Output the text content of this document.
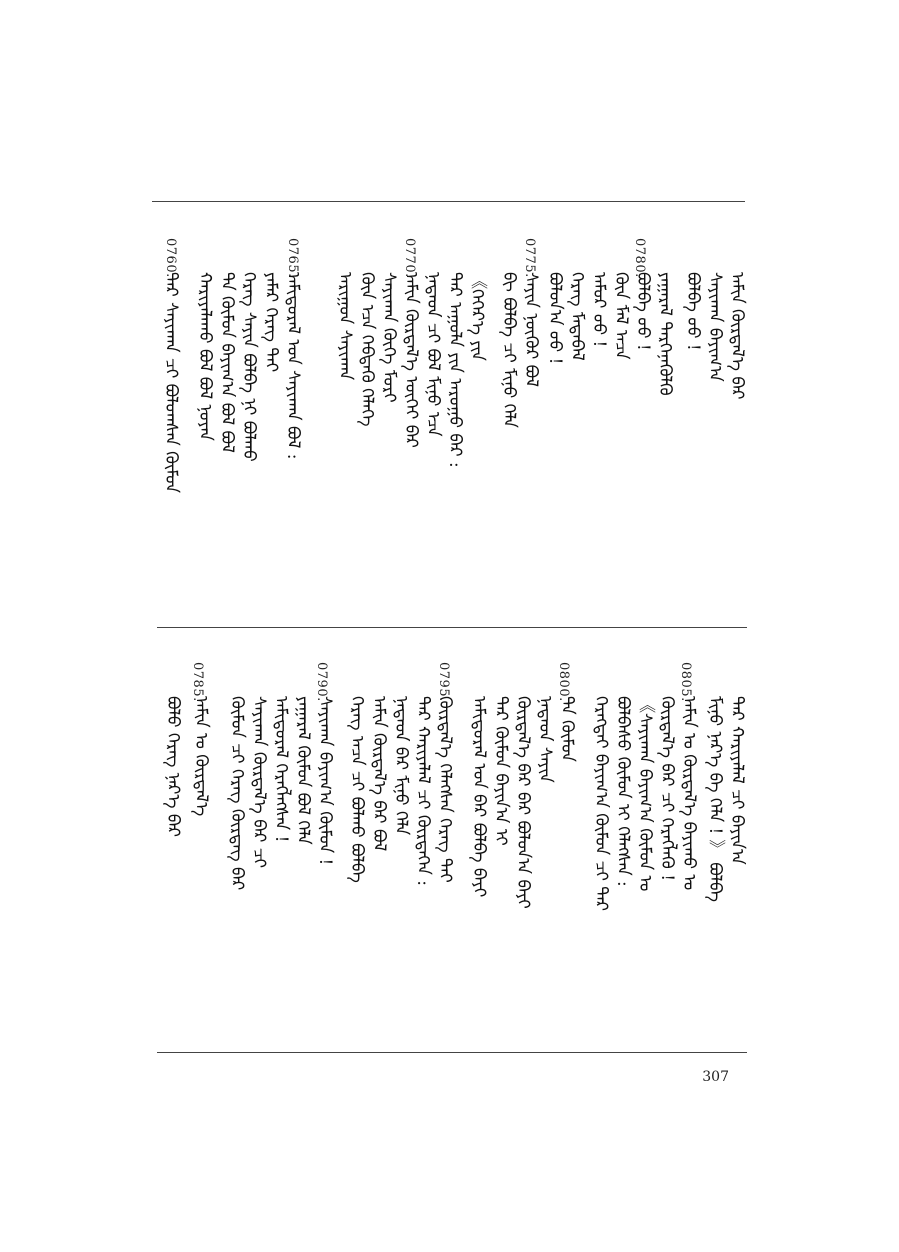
0780.
0775.
0770.
0765.
0760.
ᠠᠮᠢᠨ ᠬᠦᠷᠲᠡᠯ᠎ᠡ ᠪᠡᠷ
ᠰᠠᠶᠢᠬᠠᠨ ᠪᠠᠶᠢᠭ᠎ᠠ
ᠪᠣᠯᠪᠠ ᠤᠤ !
ᠶᠠᠭᠠᠷᠠᠯ ᠲᠡᠷᠭᠡᠨᠡᠭᠦᠯᠬᠦ
ᠪᠣᠯᠪᠠ ᠤᠤ !
ᠬᠦᠨ ᠮᠠᠯ ᠠᠴᠠ
ᠠᠮᠤᠷ ᠤᠤ !
ᠬᠡᠷᠡᠭ ᠮᠡᠳᠡᠪᠡᠯ
ᠪᠣᠯᠤᠨ᠎ᠠ ᠤᠤ !
ᠰᠠᠶᠢᠨ ᠨᠥᠬᠦᠷ ᠪᠣᠯ
ᠪᠢ ᠪᠣᠯᠪᠠ ᠴᠢ ᠮᠢᠨᠦ ᠬᠡᠯᠡ
《ᠬᠡᠭᠡᠷ᠎ᠡ ᠶᠢᠨ
ᠲᠡᠷ ᠠᠭᠤᠯᠠ ᠶᠢᠨ ᠠᠷᠤᠭᠤ ᠪᠠᠷ :
ᠨᠠᠳᠠᠳ ᠴᠢ ᠪᠣᠯ ᠮᠢᠨᠦ ᠡᠴᠡ
ᠠᠮᠢᠨ ᠬᠦᠷᠲᠡᠯ᠎ᠡ ᠦᠭᠡᠢ ᠪᠡᠷ
ᠰᠠᠶᠢᠬᠠᠨ ᠬᠥᠬᠡ ᠮᠣᠷᠢ
ᠬᠦᠨ ᠡᠴᠡ ᠬᠡᠪᠲᠡᠭᠦ ᠬᠡᠯᠡᠭᠡ
ᠠᠷᠢᠭᠤᠨ ᠰᠠᠶᠢᠬᠠᠨ
ᠠᠮᠢᠳᠤᠷᠠᠯ ᠤᠨ ᠰᠠᠶᠢᠬᠠᠨ ᠪᠣᠯ :
ᠶᠠᠮᠠᠷ ᠬᠡᠷᠡᠭ ᠲᠡᠢ
ᠬᠡᠷᠡᠭ ᠰᠠᠶᠢᠨ ᠪᠣᠯᠪᠠ ᠨᠢ ᠪᠣᠯᠬᠤ
ᠲᠠ ᠬᠦᠮᠦᠨ ᠪᠠᠶᠢᠭ᠎ᠠ ᠪᠣᠯ ᠪᠣᠯ
ᠬᠠᠷᠢᠶᠠᠯᠠᠬᠤ ᠪᠣᠯ ᠪᠣᠯ ᠨᠣᠶᠠᠨ
ᠲᠡᠷ ᠰᠠᠶᠢᠬᠠᠨ ᠴᠢ ᠪᠣᠯᠤᠭᠰᠠᠨ ᠬᠦᠮᠦᠨ
0805.
0800.
0795.
0790.
0785.
ᠲᠡᠷ ᠬᠠᠷᠢᠶᠠᠯᠠᠯ ᠴᠢ ᠪᠠᠶᠢᠨ᠎ᠠ
ᠮᠢᠨᠦ ᠨᠡᠷ᠎ᠡ ᠪᠠ ᠬᠡᠯᠡ ! 》 ᠪᠣᠯᠪᠠ
ᠠᠮᠢᠨ ᠤ ᠬᠦᠷᠲᠡᠯ᠎ᠡ ᠪᠠᠶᠢᠬᠤ ᠤ
ᠬᠦᠷᠲᠡᠯ᠎ᠡ ᠪᠡᠷ ᠴᠢ ᠬᠡᠷᠡᠭᠯᠡᠬᠦ !
《ᠰᠠᠶᠢᠬᠠᠨ ᠪᠠᠶᠢᠭ᠎ᠠ ᠬᠦᠮᠦᠨ ᠤ
ᠪᠣᠯᠪᠠᠰᠤ ᠬᠦᠮᠦᠨ ᠢ ᠬᠡᠯᠡᠭᠰᠡᠨ :
ᠬᠡᠷᠡᠭᠲᠡᠢ ᠪᠠᠶᠢᠭ᠎ᠠ ᠬᠦᠮᠦᠨ ᠴᠢ ᠲᠡᠷ
ᠲᠡ ᠬᠦᠮᠦᠨ
ᠨᠠᠳᠠᠳ ᠰᠠᠶᠢᠨ
ᠬᠦᠷᠲᠡᠯ᠎ᠡ ᠪᠠᠷ ᠪᠡᠷ ᠪᠣᠯᠤᠨ᠎ᠠ ᠪᠠᠶᠢ
ᠲᠡᠷ ᠬᠦᠮᠦᠨ ᠪᠠᠶᠢᠨ᠎ᠠ ᠢ
ᠠᠮᠢᠳᠤᠷᠠᠯ ᠤᠨ ᠪᠡᠷ ᠪᠣᠯᠪᠠ ᠪᠠᠶᠢ
ᠬᠦᠷᠲᠡᠯ᠎ᠡ ᠬᠡᠯᠡᠭᠰᠡᠨ ᠬᠡᠷᠡᠭ ᠲᠡᠢ
ᠲᠡᠷ ᠬᠠᠷᠢᠶᠠᠯᠠᠯ ᠴᠢ ᠬᠦᠷᠲᠡᠭᠡᠨ :
ᠨᠠᠳᠠᠳ ᠪᠡᠷ ᠮᠢᠨᠦ ᠬᠡᠯᠡ
ᠠᠮᠢᠨ ᠬᠦᠷᠲᠡᠯ᠎ᠡ ᠪᠡᠷ ᠪᠣᠯ
ᠬᠡᠷᠡᠭ ᠠᠴᠠ ᠴᠢ ᠪᠣᠯᠬᠤ ᠪᠣᠯᠪᠠ
ᠰᠠᠶᠢᠬᠠᠨ ᠪᠠᠶᠢᠭ᠎ᠠ ᠬᠦᠮᠦᠨ !
ᠶᠠᠭᠠᠷᠠᠯ ᠬᠦᠮᠦᠨ ᠪᠣᠯ ᠬᠡᠯᠡ
ᠠᠮᠢᠳᠤᠷᠠᠯ ᠬᠡᠷᠡᠭᠯᠡᠭᠰᠡᠨ !
ᠰᠠᠶᠢᠬᠠᠨ ᠬᠦᠷᠲᠡᠯ᠎ᠡ ᠪᠡᠷ ᠴᠢ
ᠬᠦᠮᠦᠨ ᠴᠢ ᠬᠡᠷᠡᠭ ᠬᠦᠷᠲᠡᠭ ᠪᠡᠷ
ᠠᠮᠢᠨ ᠤ ᠬᠦᠷᠲᠡᠯ᠎ᠡ
ᠪᠣᠯᠤ ᠬᠡᠷᠡᠭ ᠨᠡᠷ᠎ᠡ ᠪᠡᠷ
307
